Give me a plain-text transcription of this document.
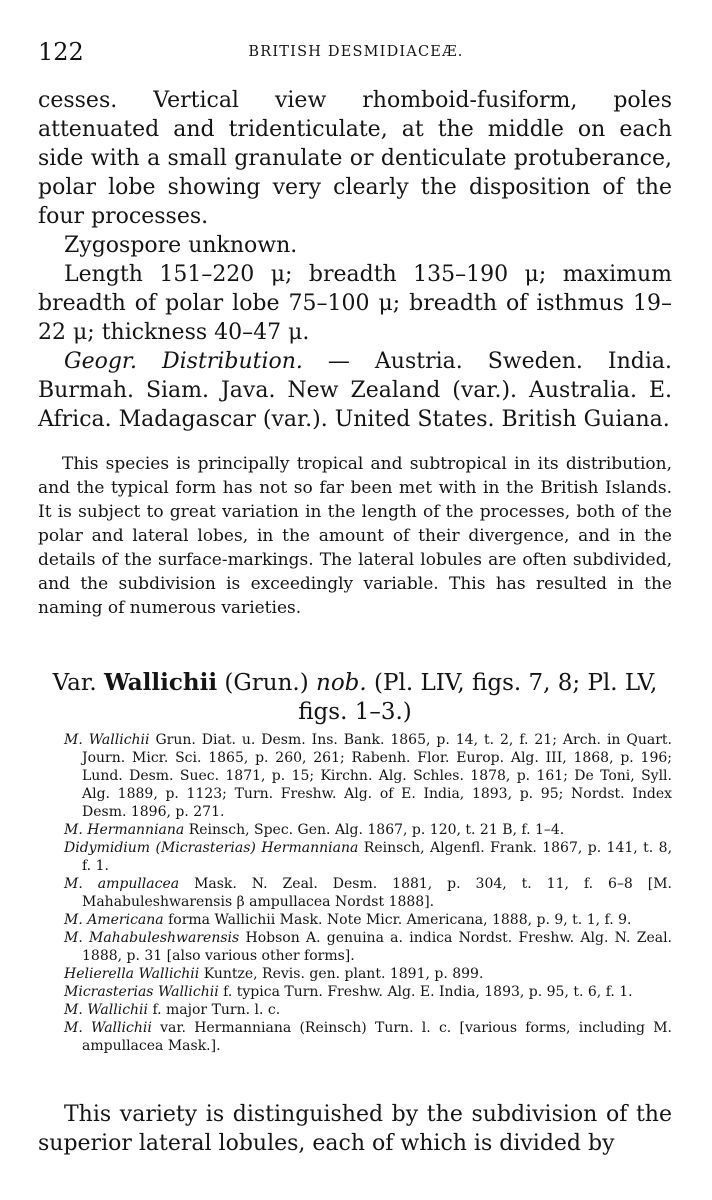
122	BRITISH DESMIDIACEÆ.

cesses. Vertical view rhomboid-fusiform, poles attenuated and tridenticulate, at the middle on each side with a small granulate or denticulate protuberance, polar lobe showing very clearly the disposition of the four processes.

Zygospore unknown.

Length 151–220 μ; breadth 135–190 μ; maximum breadth of polar lobe 75–100 μ; breadth of isthmus 19–22 μ; thickness 40–47 μ.

Geogr. Distribution. — Austria. Sweden. India. Burmah. Siam. Java. New Zealand (var.). Australia. E. Africa. Madagascar (var.). United States. British Guiana.

This species is principally tropical and subtropical in its distribution, and the typical form has not so far been met with in the British Islands. It is subject to great variation in the length of the processes, both of the polar and lateral lobes, in the amount of their divergence, and in the details of the surface-markings. The lateral lobules are often subdivided, and the subdivision is exceedingly variable. This has resulted in the naming of numerous varieties.

Var. Wallichii (Grun.) nob. (Pl. LIV, figs. 7, 8; Pl. LV, figs. 1–3.)

M. Wallichii Grun. Diat. u. Desm. Ins. Bank. 1865, p. 14, t. 2, f. 21; Arch. in Quart. Journ. Micr. Sci. 1865, p. 260, 261; Rabenh. Flor. Europ. Alg. III, 1868, p. 196; Lund. Desm. Suec. 1871, p. 15; Kirchn. Alg. Schles. 1878, p. 161; De Toni, Syll. Alg. 1889, p. 1123; Turn. Freshw. Alg. of E. India, 1893, p. 95; Nordst. Index Desm. 1896, p. 271.

M. Hermanniana Reinsch, Spec. Gen. Alg. 1867, p. 120, t. 21 B, f. 1–4.

Didymidium (Micrasterias) Hermanniana Reinsch, Algenfl. Frank. 1867, p. 141, t. 8, f. 1.

M. ampullacea Mask. N. Zeal. Desm. 1881, p. 304, t. 11, f. 6–8 [M. Mahabuleshwarensis β ampullacea Nordst 1888].

M. Americana forma Wallichii Mask. Note Micr. Americana, 1888, p. 9, t. 1, f. 9.

M. Mahabuleshwarensis Hobson A. genuina a. indica Nordst. Freshw. Alg. N. Zeal. 1888, p. 31 [also various other forms].

Helierella Wallichii Kuntze, Revis. gen. plant. 1891, p. 899.

Micrasterias Wallichii f. typica Turn. Freshw. Alg. E. India, 1893, p. 95, t. 6, f. 1.

M. Wallichii f. major Turn. l. c.

M. Wallichii var. Hermanniana (Reinsch) Turn. l. c. [various forms, including M. ampullacea Mask.].

This variety is distinguished by the subdivision of the superior lateral lobules, each of which is divided by
